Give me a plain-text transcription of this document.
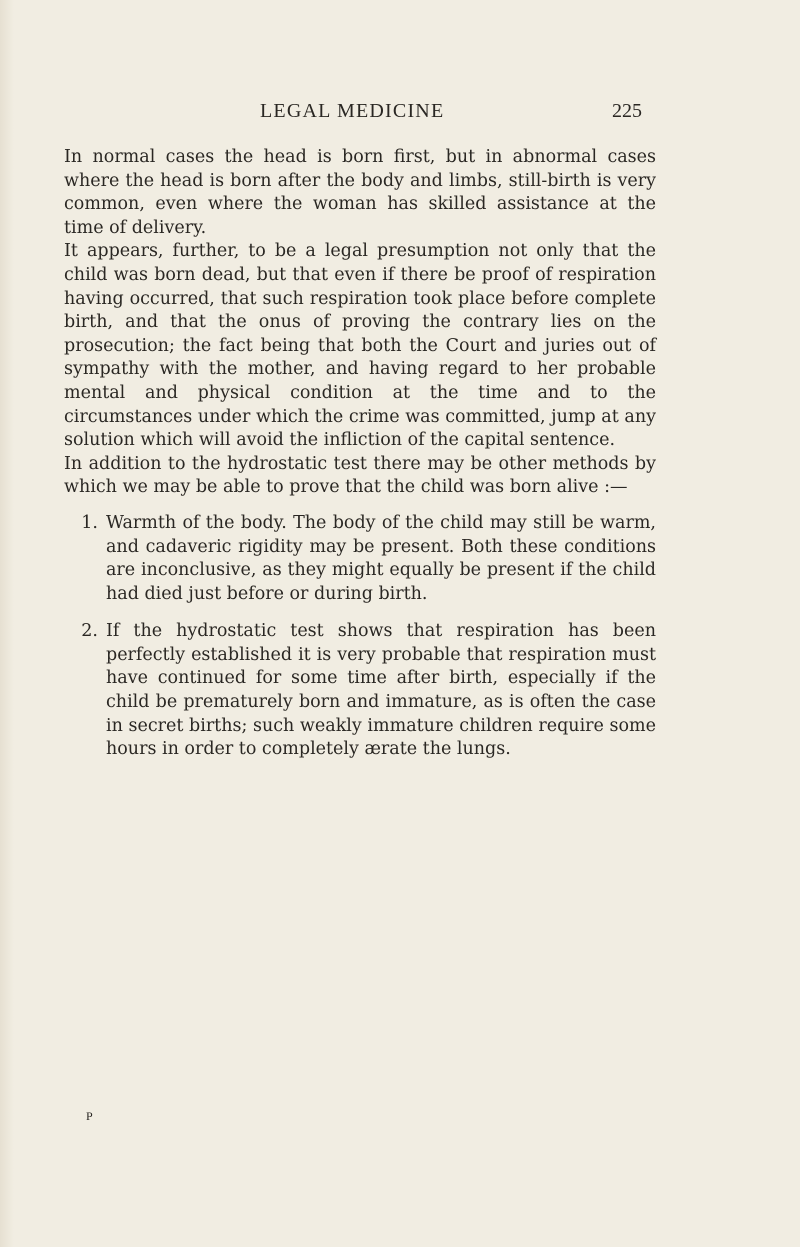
LEGAL MEDICINE	225

In normal cases the head is born first, but in abnormal cases where the head is born after the body and limbs, still-birth is very common, even where the woman has skilled assistance at the time of delivery.

It appears, further, to be a legal presumption not only that the child was born dead, but that even if there be proof of respiration having occurred, that such respiration took place before complete birth, and that the onus of proving the contrary lies on the prosecution; the fact being that both the Court and juries out of sympathy with the mother, and having regard to her probable mental and physical condition at the time and to the circumstances under which the crime was committed, jump at any solution which will avoid the infliction of the capital sentence.

In addition to the hydrostatic test there may be other methods by which we may be able to prove that the child was born alive :—

1. Warmth of the body. The body of the child may still be warm, and cadaveric rigidity may be present. Both these conditions are inconclusive, as they might equally be present if the child had died just before or during birth.
2. If the hydrostatic test shows that respiration has been perfectly established it is very probable that respiration must have continued for some time after birth, especially if the child be prematurely born and immature, as is often the case in secret births; such weakly immature children require some hours in order to completely ærate the lungs.
P
